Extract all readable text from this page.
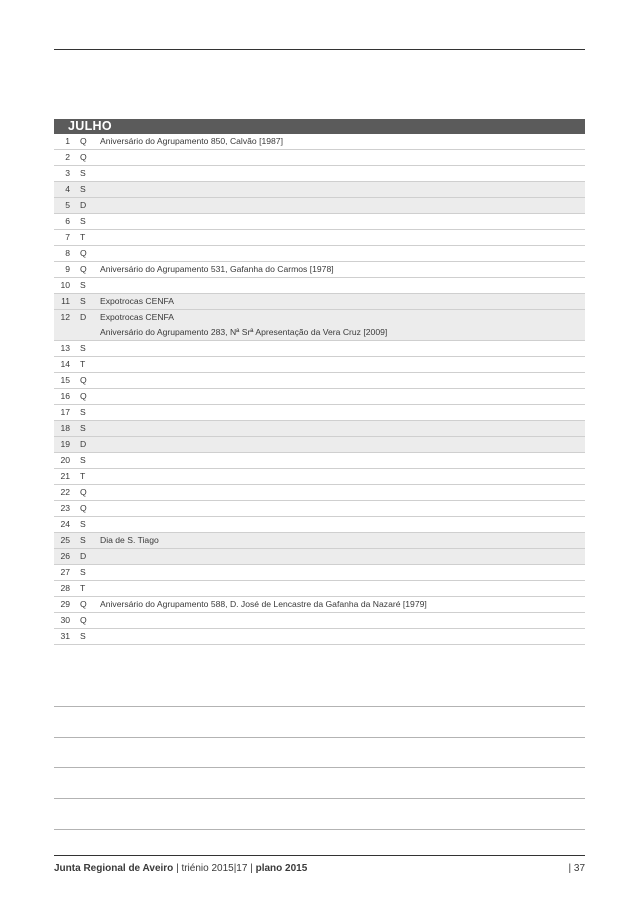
JULHO
1	Q	Aniversário do Agrupamento 850, Calvão [1987]
2	Q
3	S
4	S
5	D
6	S
7	T
8	Q
9	Q	Aniversário do Agrupamento 531, Gafanha do Carmos [1978]
10	S
11	S	Expotrocas CENFA
12	D	Expotrocas CENFA
Aniversário do Agrupamento 283, Nª Srª Apresentação da Vera Cruz [2009]
13	S
14	T
15	Q
16	Q
17	S
18	S
19	D
20	S
21	T
22	Q
23	Q
24	S
25	S	Dia de S. Tiago
26	D
27	S
28	T
29	Q	Aniversário do Agrupamento 588, D. José de Lencastre da Gafanha da Nazaré [1979]
30	Q
31	S
Junta Regional de Aveiro | triénio 2015|17 | plano 2015	| 37
